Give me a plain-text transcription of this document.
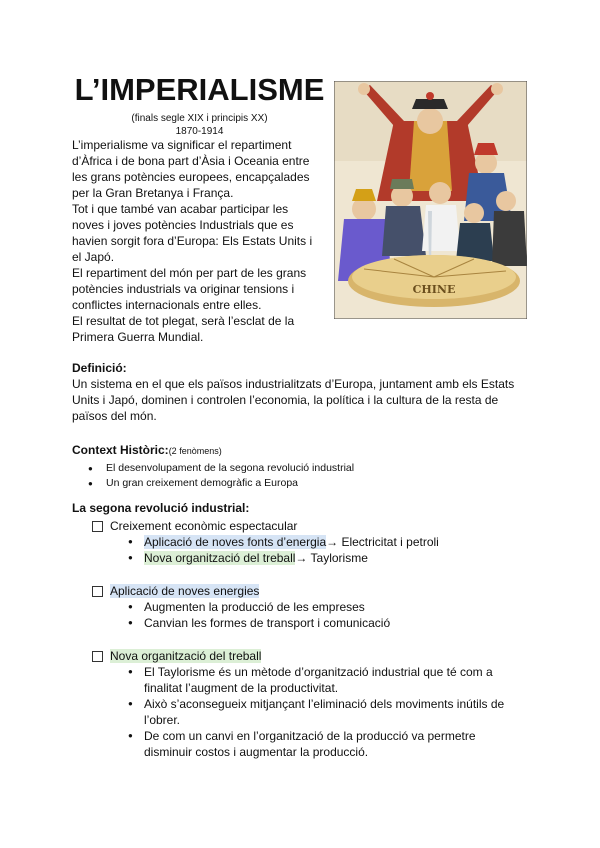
L’IMPERIALISME
(finals segle XIX i principis XX)
1870-1914

L’imperialisme va significar el repartiment d’Àfrica i de bona part d’Àsia i Oceania entre les grans potències europees, encapçalades per la Gran Bretanya i França.

Tot i que també van acabar participar les noves i joves potències Industrials que es havien sorgit fora d’Europa: Els Estats Units i el Japó.

El repartiment del món per part de les grans potències industrials va originar tensions i conflictes internacionals entre elles.

El resultat de tot plegat, serà l’esclat de la Primera Guerra Mundial.

CHINE

Definició:

Un sistema en el que els països industrialitzats d’Europa, juntament amb els Estats Units i Japó, dominen i controlen l’economia, la política i la cultura de la resta de països del món.

Context Històric:(2 fenòmens)

● El desenvolupament de la segona revolució industrial
● Un gran creixement demogràfic a Europa

La segona revolució industrial:

Creixement econòmic espectacular
● Aplicació de noves fonts d’energia→ Electricitat i petroli
● Nova organització del treball→ Taylorisme
Aplicació de noves energies
● Augmenten la producció de les empreses
● Canvian les formes de transport i comunicació
Nova organització del treball
● El Taylorisme és un mètode d’organització industrial que té com a finalitat l’augment de la productivitat.
● Això s’aconsegueix mitjançant l’eliminació dels moviments inútils de l’obrer.
● De com un canvi en l’organització de la producció va permetre disminuir costos i augmentar la producció.
